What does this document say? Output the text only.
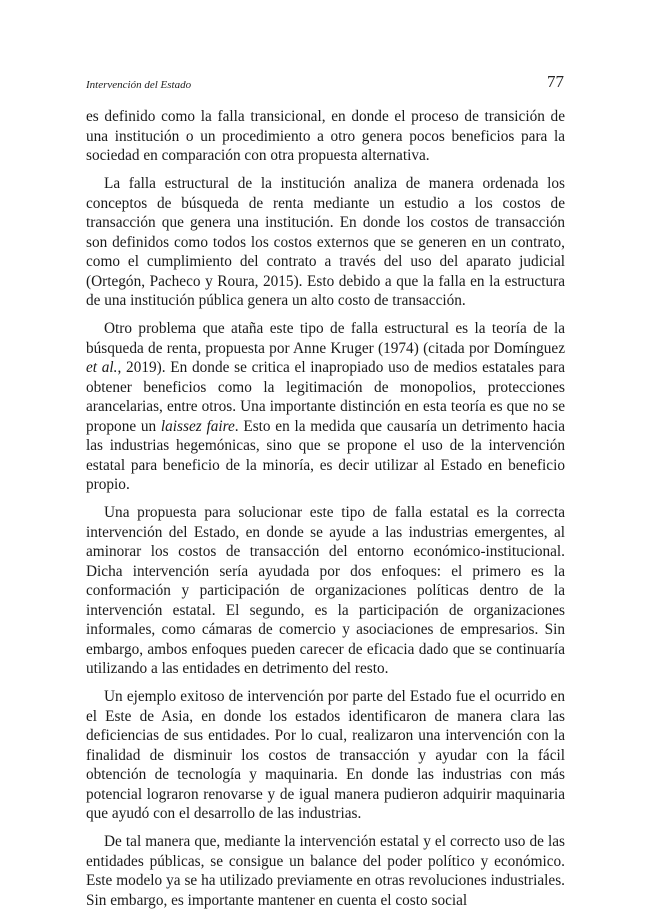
Intervención del Estado	77

es definido como la falla transicional, en donde el proceso de transición de una institución o un procedimiento a otro genera pocos beneficios para la sociedad en comparación con otra propuesta alternativa.

La falla estructural de la institución analiza de manera ordenada los conceptos de búsqueda de renta mediante un estudio a los costos de transacción que genera una institución. En donde los costos de transacción son definidos como todos los costos externos que se generen en un contrato, como el cumplimiento del contrato a través del uso del aparato judicial (Ortegón, Pacheco y Roura, 2015). Esto debido a que la falla en la estructura de una institución pública genera un alto costo de transacción.

Otro problema que ataña este tipo de falla estructural es la teoría de la búsqueda de renta, propuesta por Anne Kruger (1974) (citada por Domínguez et al., 2019). En donde se critica el inapropiado uso de medios estatales para obtener beneficios como la legitimación de monopolios, protecciones arancelarias, entre otros. Una importante distinción en esta teoría es que no se propone un laissez faire. Esto en la medida que causaría un detrimento hacia las industrias hegemónicas, sino que se propone el uso de la intervención estatal para beneficio de la minoría, es decir utilizar al Estado en beneficio propio.

Una propuesta para solucionar este tipo de falla estatal es la correcta intervención del Estado, en donde se ayude a las industrias emergentes, al aminorar los costos de transacción del entorno económico-institucional. Dicha intervención sería ayudada por dos enfoques: el primero es la conformación y participación de organizaciones políticas dentro de la intervención estatal. El segundo, es la participación de organizaciones informales, como cámaras de comercio y asociaciones de empresarios. Sin embargo, ambos enfoques pueden carecer de eficacia dado que se continuaría utilizando a las entidades en detrimento del resto.

Un ejemplo exitoso de intervención por parte del Estado fue el ocurrido en el Este de Asia, en donde los estados identificaron de manera clara las deficiencias de sus entidades. Por lo cual, realizaron una intervención con la finalidad de disminuir los costos de transacción y ayudar con la fácil obtención de tecnología y maquinaria. En donde las industrias con más potencial lograron renovarse y de igual manera pudieron adquirir maquinaria que ayudó con el desarrollo de las industrias.

De tal manera que, mediante la intervención estatal y el correcto uso de las entidades públicas, se consigue un balance del poder político y económico. Este modelo ya se ha utilizado previamente en otras revoluciones industriales. Sin embargo, es importante mantener en cuenta el costo social
